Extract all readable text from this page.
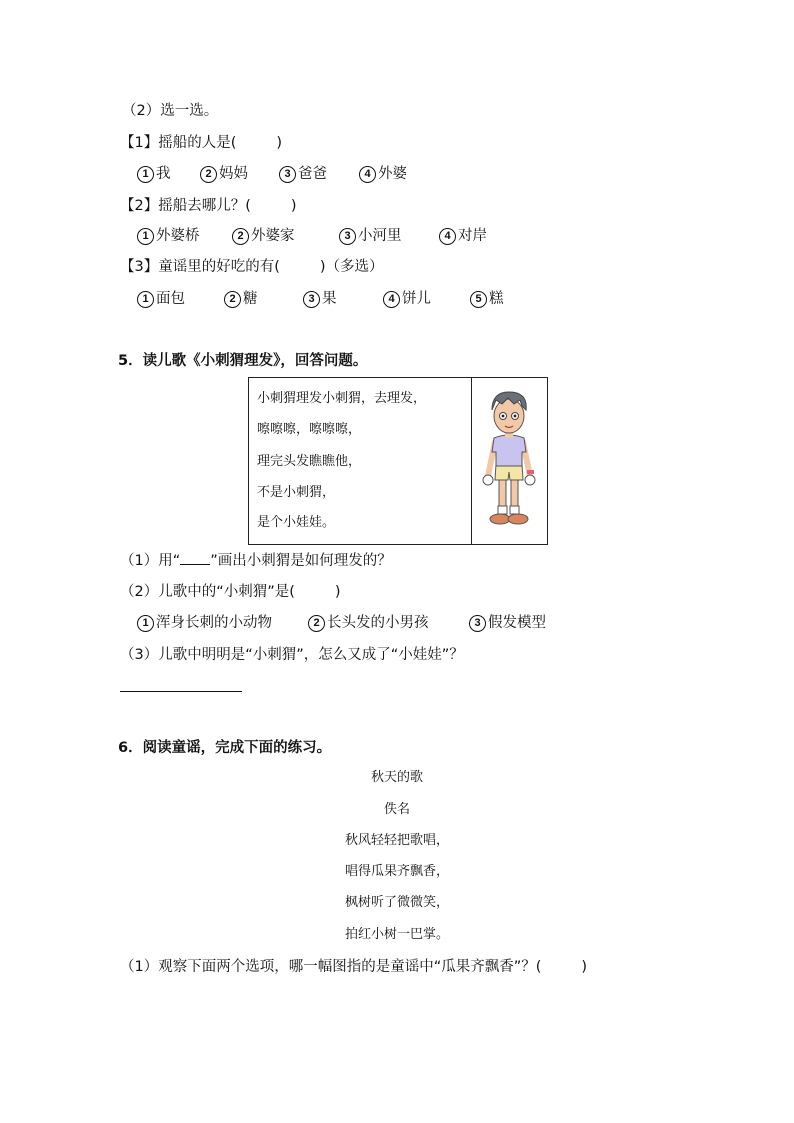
（2）选一选。
【1】摇船的人是(	)
1 我	2 妈妈	3 爸爸	4 外婆
【2】摇船去哪儿？(	)
1 外婆桥	2 外婆家	3 小河里	4 对岸
【3】童谣里的好吃的有(	)（多选）
1 面包	2 糖	3 果	4 饼儿	5 糕
5．读儿歌《小刺猬理发》，回答问题。
小刺猬理发小刺猬，去理发，
嚓嚓嚓，嚓嚓嚓，
理完头发瞧瞧他，
不是小刺猬，
是个小娃娃。
（1）用“ ”画出小刺猬是如何理发的？
（2）儿歌中的“小刺猬”是(	)
1 浑身长刺的小动物	2 长头发的小男孩	3 假发模型
（3）儿歌中明明是“小刺猬”，怎么又成了“小娃娃”？
6．阅读童谣，完成下面的练习。
秋天的歌
佚名
秋风轻轻把歌唱，
唱得瓜果齐飘香，
枫树听了微微笑，
拍红小树一巴掌。
（1）观察下面两个选项，哪一幅图指的是童谣中“瓜果齐飘香”？(	)
